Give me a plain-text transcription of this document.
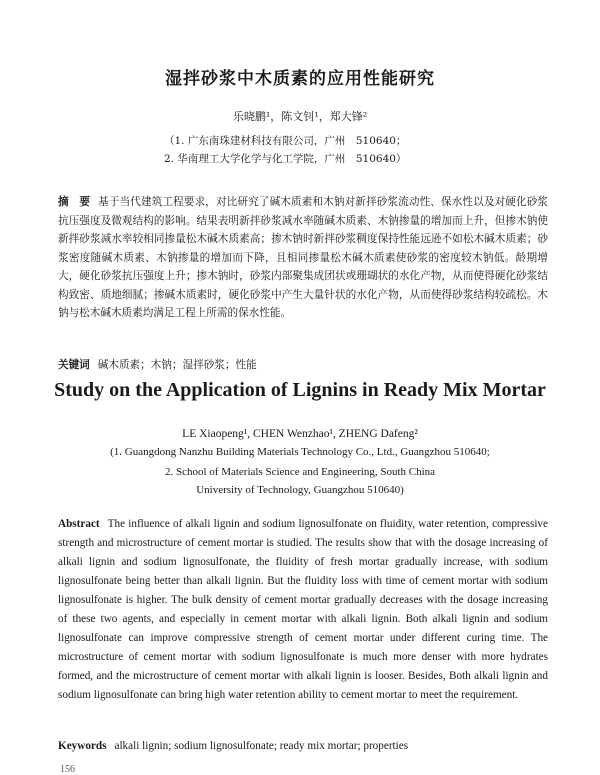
湿拌砂浆中木质素的应用性能研究
乐晓鹏¹，陈文钊¹，郑大锋²
（1. 广东南珠建材科技有限公司，广州　510640；
2. 华南理工大学化学与化工学院，广州　510640）
摘　要 基于当代建筑工程要求，对比研究了碱木质素和木钠对新拌砂浆流动性、保水性以及对硬化砂浆抗压强度及微观结构的影响。结果表明新拌砂浆减水率随碱木质素、木钠掺量的增加而上升，但掺木钠使新拌砂浆减水率较相同掺量松木碱木质素高；掺木钠时新拌砂浆稠度保持性能远逊不如松木碱木质素；砂浆密度随碱木质素、木钠掺量的增加而下降，且相同掺量松木碱木质素使砂浆的密度较木钠低。龄期增大，硬化砂浆抗压强度上升；掺木钠时，砂浆内部聚集成团状或珊瑚状的水化产物，从而使得硬化砂浆结构致密、质地细腻；掺碱木质素时，硬化砂浆中产生大量针状的水化产物，从而使得砂浆结构较疏松。木钠与松木碱木质素均满足工程上所需的保水性能。
关键词 碱木质素；木钠；湿拌砂浆；性能
Study on the Application of Lignins in Ready Mix Mortar
LE Xiaopeng¹, CHEN Wenzhao¹, ZHENG Dafeng²
(1. Guangdong Nanzhu Building Materials Technology Co., Ltd., Guangzhou 510640;
2. School of Materials Science and Engineering, South China
University of Technology, Guangzhou 510640)
Abstract The influence of alkali lignin and sodium lignosulfonate on fluidity, water retention, compressive strength and microstructure of cement mortar is studied. The results show that with the dosage increasing of alkali lignin and sodium lignosulfonate, the fluidity of fresh mortar gradually increase, with sodium lignosulfonate being better than alkali lignin. But the fluidity loss with time of cement mortar with sodium lignosulfonate is higher. The bulk density of cement mortar gradually decreases with the dosage increasing of these two agents, and especially in cement mortar with alkali lignin. Both alkali lignin and sodium lignosulfonate can improve compressive strength of cement mortar under different curing time. The microstructure of cement mortar with sodium lignosulfonate is much more denser with more hydrates formed, and the microstructure of cement mortar with alkali lignin is looser. Besides, Both alkali lignin and sodium lignosulfonate can bring high water retention ability to cement mortar to meet the requirement.
Keywords alkali lignin; sodium lignosulfonate; ready mix mortar; properties
156
